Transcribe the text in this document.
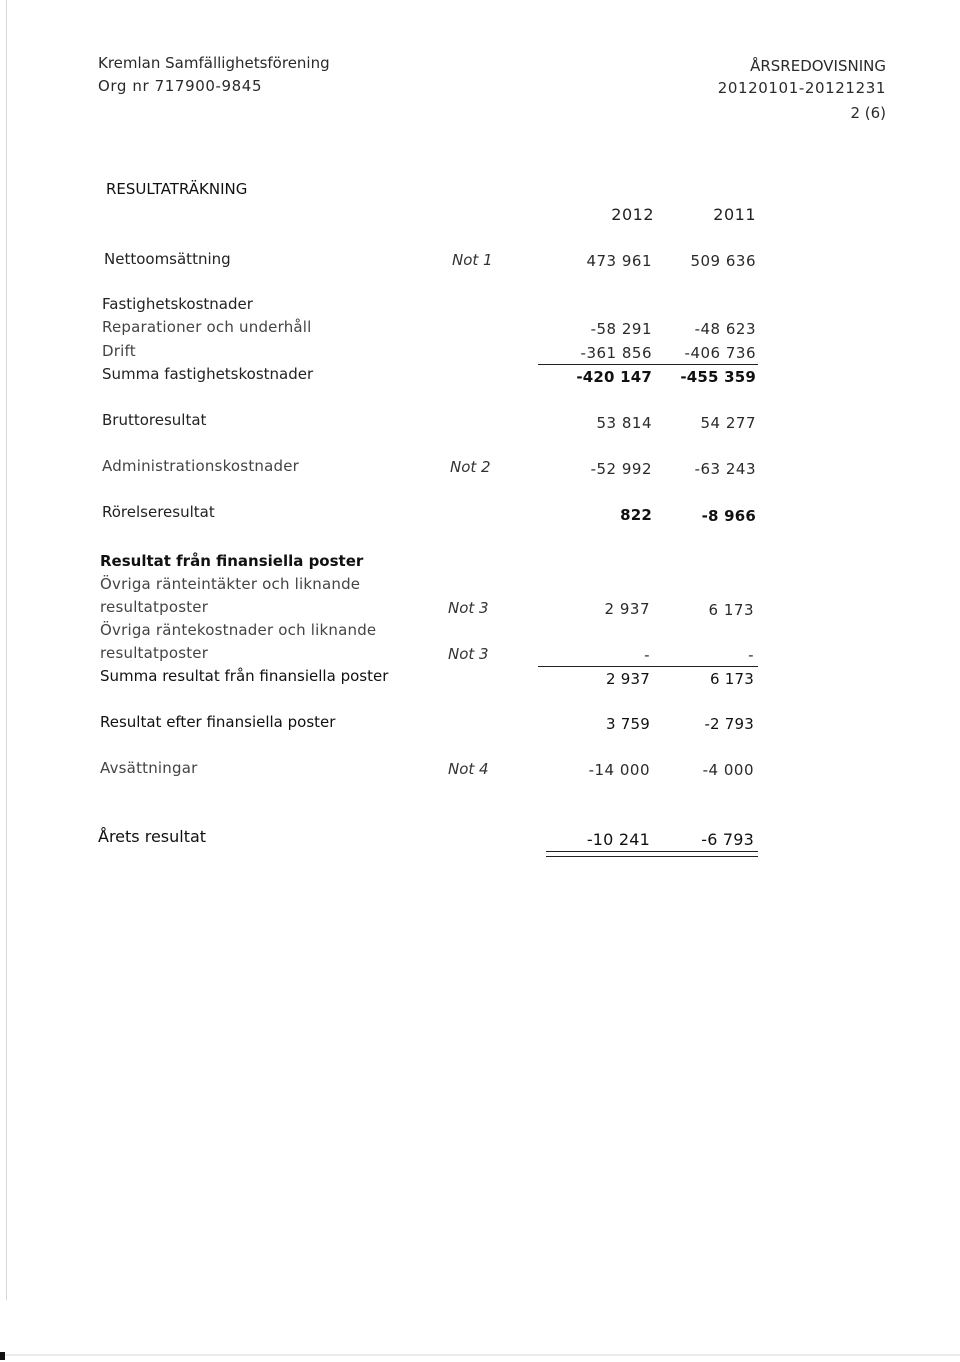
Kremlan Samfällighetsförening
Org nr 717900-9845
ÅRSREDOVISNING
20120101-20121231
2 (6)
RESULTATRÄKNING
2012	2011
Nettoomsättning	Not 1	473 961	509 636
Fastighetskostnader
Reparationer och underhåll	-58 291	-48 623
Drift	-361 856	-406 736
Summa fastighetskostnader	-420 147	-455 359
Bruttoresultat	53 814	54 277
Administrationskostnader	Not 2	-52 992	-63 243
Rörelseresultat	822	-8 966
Resultat från finansiella poster
Övriga ränteintäkter och liknande
resultatposter	Not 3	2 937	6 173
Övriga räntekostnader och liknande
resultatposter	Not 3	-	-
Summa resultat från finansiella poster	2 937	6 173
Resultat efter finansiella poster	3 759	-2 793
Avsättningar	Not 4	-14 000	-4 000
Årets resultat	-10 241	-6 793
